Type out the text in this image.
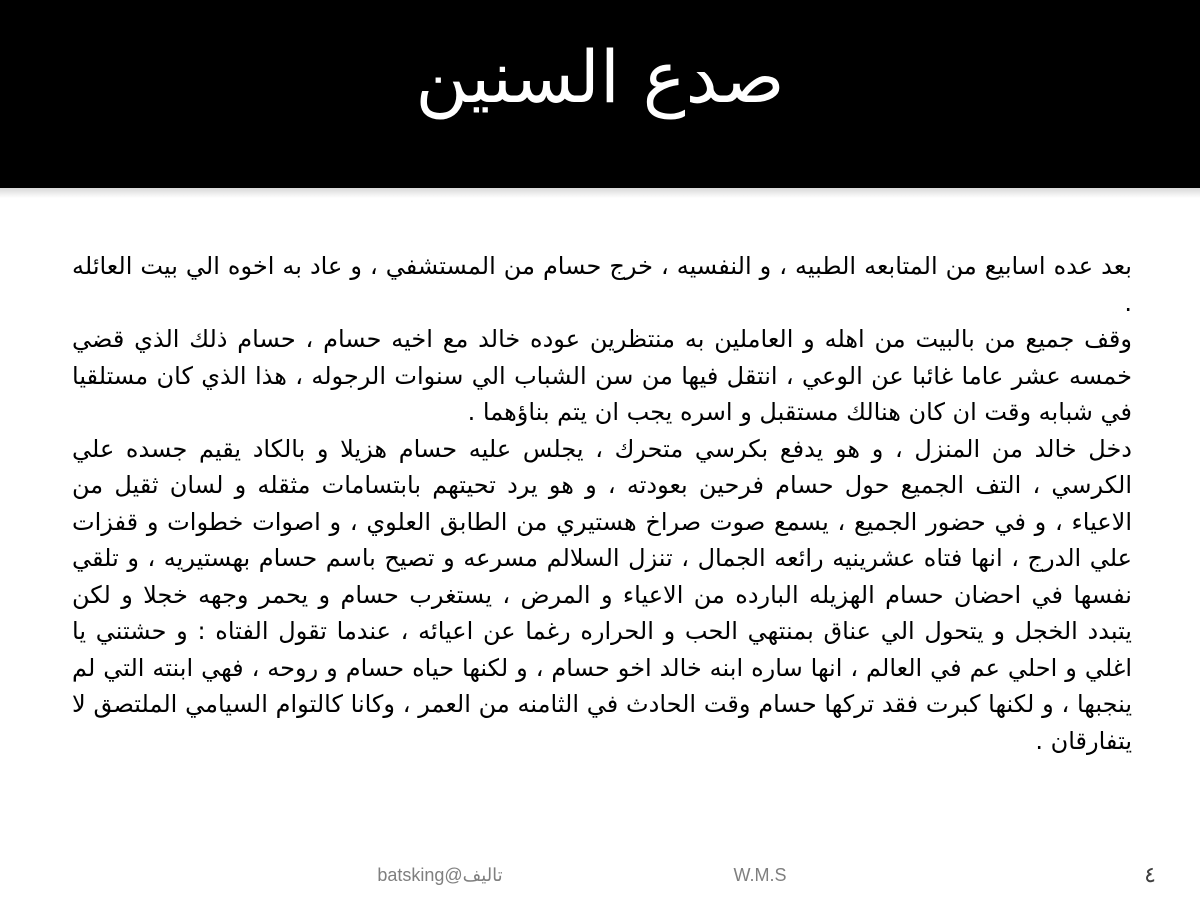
صدع السنين

بعد عده اسابيع من المتابعه الطبيه ، و النفسيه ، خرج حسام من المستشفي ، و عاد به اخوه الي بيت العائله .

وقف جميع من بالبيت من اهله و العاملين به منتظرين عوده خالد مع اخيه حسام ، حسام ذلك الذي قضي خمسه عشر عاما غائبا عن الوعي ، انتقل فيها من سن الشباب الي سنوات الرجوله ، هذا الذي كان مستلقيا في شبابه وقت ان كان هنالك مستقبل و اسره يجب ان يتم بناؤهما .

دخل خالد من المنزل ، و هو يدفع بكرسي متحرك ، يجلس عليه حسام هزيلا و بالكاد يقيم جسده علي الكرسي ، التف الجميع حول حسام فرحين بعودته ، و هو يرد تحيتهم بابتسامات مثقله و لسان ثقيل من الاعياء ، و في حضور الجميع ، يسمع صوت صراخ هستيري من الطابق العلوي ، و اصوات خطوات و قفزات علي الدرج ، انها فتاه عشرينيه رائعه الجمال ، تنزل السلالم مسرعه و تصيح باسم حسام بهستيريه ، و تلقي نفسها في احضان حسام الهزيله البارده من الاعياء و المرض ، يستغرب حسام و يحمر وجهه خجلا و لكن يتبدد الخجل و يتحول الي عناق بمنتهي الحب و الحراره رغما عن اعيائه ، عندما تقول الفتاه : و حشتني يا اغلي و احلي عم في العالم ، انها ساره ابنه خالد اخو حسام ، و لكنها حياه حسام و روحه ، فهي ابنته التي لم ينجبها ، و لكنها كبرت فقد تركها حسام وقت الحادث في الثامنه من العمر ، وكانا كالتوام السيامي الملتصق لا يتفارقان .

تاليف@batsking	W.M.S	٤
